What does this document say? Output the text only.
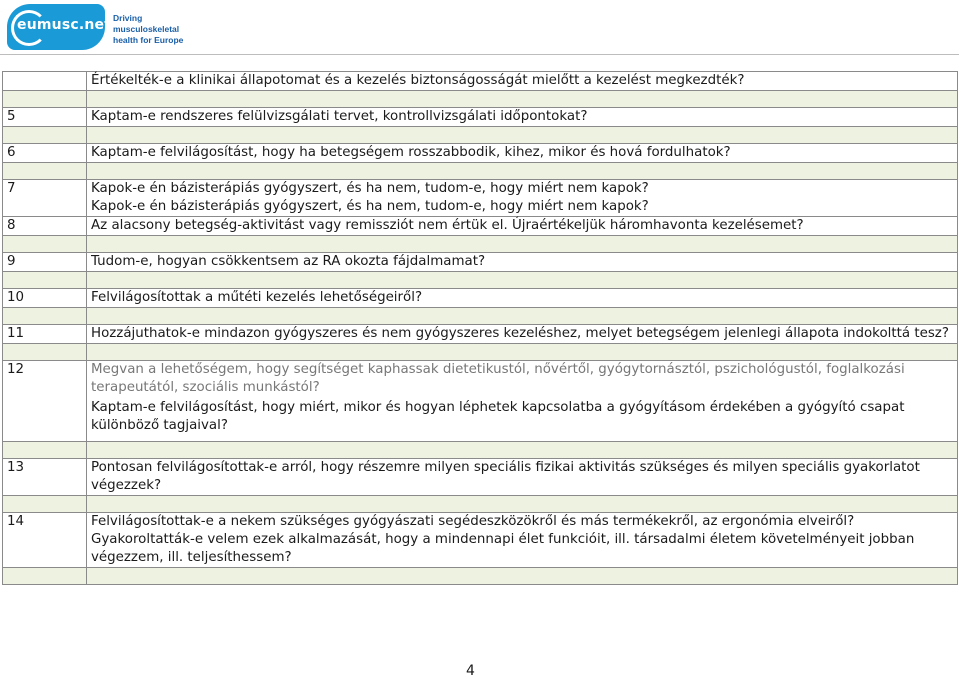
eumusc.net Driving musculoskeletal
health for Europe
	Értékelték-e a klinikai állapotomat és a kezelés biztonságosságát mielőtt a kezelést megkezdték?

5	Kaptam-e rendszeres felülvizsgálati tervet, kontrollvizsgálati időpontokat?

6	Kaptam-e felvilágosítást, hogy ha betegségem rosszabbodik, kihez, mikor és hová fordulhatok?

7	Kapok-e én bázisterápiás gyógyszert, és ha nem, tudom-e, hogy miért nem kapok?
Kapok-e én bázisterápiás gyógyszert, és ha nem, tudom-e, hogy miért nem kapok?

8	Az alacsony betegség-aktivitást vagy remissziót nem értük el. Újraértékeljük háromhavonta kezelésemet?

9	Tudom-e, hogyan csökkentsem az RA okozta fájdalmamat?

10	Felvilágosítottak a műtéti kezelés lehetőségeiről?

11	Hozzájuthatok-e mindazon gyógyszeres és nem gyógyszeres kezeléshez, melyet betegségem jelenlegi állapota indokolttá tesz?

12	Megvan a lehetőségem, hogy segítséget kaphassak dietetikustól, nővértől, gyógytornásztól, pszichológustól, foglalkozási terapeutától, szociális munkástól?
Kaptam-e felvilágosítást, hogy miért, mikor és hogyan léphetek kapcsolatba a gyógyításom érdekében a gyógyító csapat különböző tagjaival?

13	Pontosan felvilágosítottak-e arról, hogy részemre milyen speciális fizikai aktivitás szükséges és milyen speciális gyakorlatot végezzek?

14	Felvilágosítottak-e a nekem szükséges gyógyászati segédeszközökről és más termékekről, az ergonómia elveiről?
Gyakoroltatták-e velem ezek alkalmazását, hogy a mindennapi élet funkcióit, ill. társadalmi életem követelményeit jobban végezzem, ill. teljesíthessem?

4
